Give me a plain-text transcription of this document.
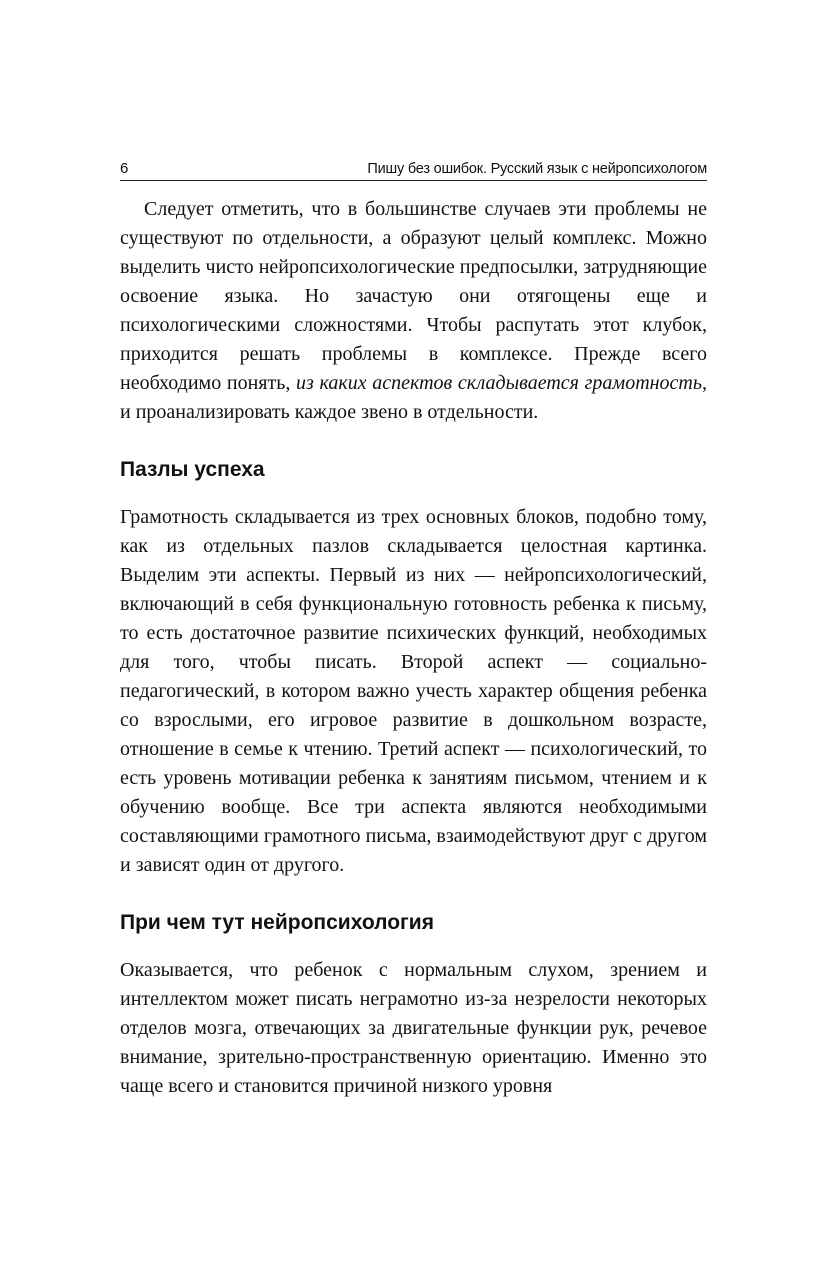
6	Пишу без ошибок. Русский язык с нейропсихологом

Следует отметить, что в большинстве случаев эти проблемы не существуют по отдельности, а образуют целый комплекс. Можно выделить чисто нейропсихологические предпосылки, затрудняющие освоение языка. Но зачастую они отягощены еще и психологическими сложностями. Чтобы распутать этот клубок, приходится решать проблемы в комплексе. Прежде всего необходимо понять, из каких аспектов складывается грамотность, и проанализировать каждое звено в отдельности.

Пазлы успеха

Грамотность складывается из трех основных блоков, подобно тому, как из отдельных пазлов складывается целостная картинка. Выделим эти аспекты. Первый из них — нейропсихологический, включающий в себя функциональную готовность ребенка к письму, то есть достаточное развитие психических функций, необходимых для того, чтобы писать. Второй аспект — социально-педагогический, в котором важно учесть характер общения ребенка со взрослыми, его игровое развитие в дошкольном возрасте, отношение в семье к чтению. Третий аспект — психологический, то есть уровень мотивации ребенка к занятиям письмом, чтением и к обучению вообще. Все три аспекта являются необходимыми составляющими грамотного письма, взаимодействуют друг с другом и зависят один от другого.

При чем тут нейропсихология

Оказывается, что ребенок с нормальным слухом, зрением и интеллектом может писать неграмотно из-за незрелости некоторых отделов мозга, отвечающих за двигательные функции рук, речевое внимание, зрительно-пространственную ориентацию. Именно это чаще всего и становится причиной низкого уровня
